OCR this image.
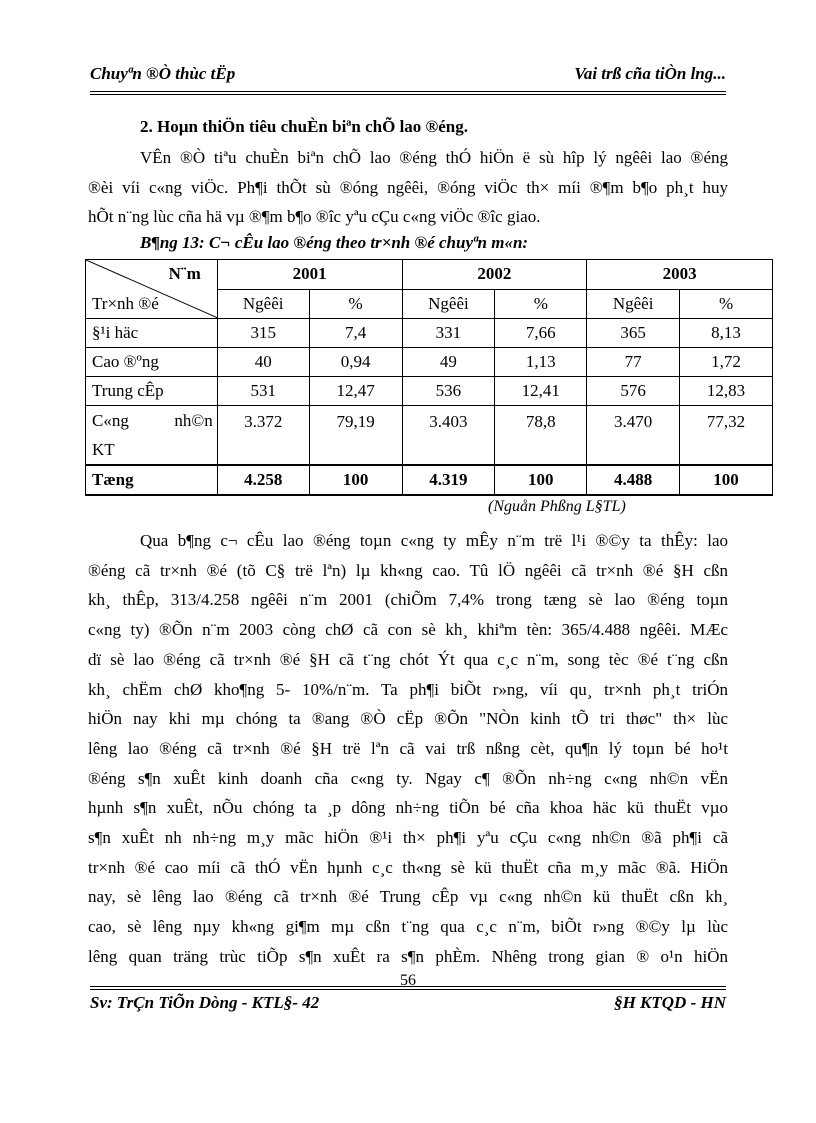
Chuyªn ®Ò thùc tËp	Vai trß cña tiÒn lng...
2. Hoµn thiÖn tiêu chuÈn biªn chÕ lao ®éng.
VÊn ®Ò tiªu chuÈn biªn chÕ lao ®éng thÓ hiÖn ë sù hîp lý ngêêi lao ®éng
®èi víi c«ng viÖc. Ph¶i thÕt sù ®óng ngêêi, ®óng viÖc th× míi ®¶m b¶o ph¸t huy
hÕt n¨ng lùc cña hä vµ ®¶m b¶o ®îc yªu cÇu c«ng viÖc ®îc giao.
B¶ng 13: C¬ cÊu lao ®éng theo tr×nh ®é chuyªn m«n:
N¨m
Tr×nh ®é	2001		2002		2003	
	Ngêêi	%	Ngêêi	%	Ngêêi	%
§¹i häc	315	7,4	331	7,66	365	8,13
Cao ®ºng	40	0,94	49	1,13	77	1,72
Trung cÊp	531	12,47	536	12,41	576	12,83

C«ng nh©n
KT	3.372	79,19	3.403	78,8	3.470	77,32
Tæng	4.258	100	4.319	100	4.488	100
(Nguån Phßng L§TL)
Qua b¶ng c¬ cÊu lao ®éng toµn c«ng ty mÊy n¨m trë l¹i ®©y ta thÊy: lao
®éng cã tr×nh ®é (tõ C§ trë lªn) lµ kh«ng cao. Tû lÖ ngêêi cã tr×nh ®é §H cßn
kh¸ thÊp, 313/4.258 ngêêi n¨m 2001 (chiÕm 7,4% trong tæng sè lao ®éng toµn
c«ng ty) ®Õn n¨m 2003 còng chØ cã con sè kh¸ khiªm tèn: 365/4.488 ngêêi. MÆc
dï sè lao ®éng cã tr×nh ®é §H cã t¨ng chót Ýt qua c¸c n¨m, song tèc ®é t¨ng cßn
kh¸ chËm chØ kho¶ng 5- 10%/n¨m. Ta ph¶i biÕt r»ng, víi qu¸ tr×nh ph¸t triÓn
hiÖn nay khi mµ chóng ta ®ang ®Ò cËp ®Õn "NÒn kinh tÕ tri thøc" th× lùc
lêng lao ®éng cã tr×nh ®é §H trë lªn cã vai trß nßng cèt, qu¶n lý toµn bé ho¹t
®éng s¶n xuÊt kinh doanh cña c«ng ty. Ngay c¶ ®Õn nh÷ng c«ng nh©n vËn
hµnh s¶n xuÊt, nÕu chóng ta ¸p dông nh÷ng tiÕn bé cña khoa häc kü thuËt vµo
s¶n xuÊt nh nh÷ng m¸y mãc hiÖn ®¹i th× ph¶i yªu cÇu c«ng nh©n ®ã ph¶i cã
tr×nh ®é cao míi cã thÓ vËn hµnh c¸c th«ng sè kü thuËt cña m¸y mãc ®ã. HiÖn
nay, sè lêng lao ®éng cã tr×nh ®é Trung cÊp vµ c«ng nh©n kü thuËt cßn kh¸
cao, sè lêng nµy kh«ng gi¶m mµ cßn t¨ng qua c¸c n¨m, biÕt r»ng ®©y lµ lùc
lêng quan träng trùc tiÕp s¶n xuÊt ra s¶n phÈm. Nhêng trong gian ® o¹n hiÖn
56
Sv: TrÇn TiÕn Dòng - KTL§- 42	§H KTQD - HN
